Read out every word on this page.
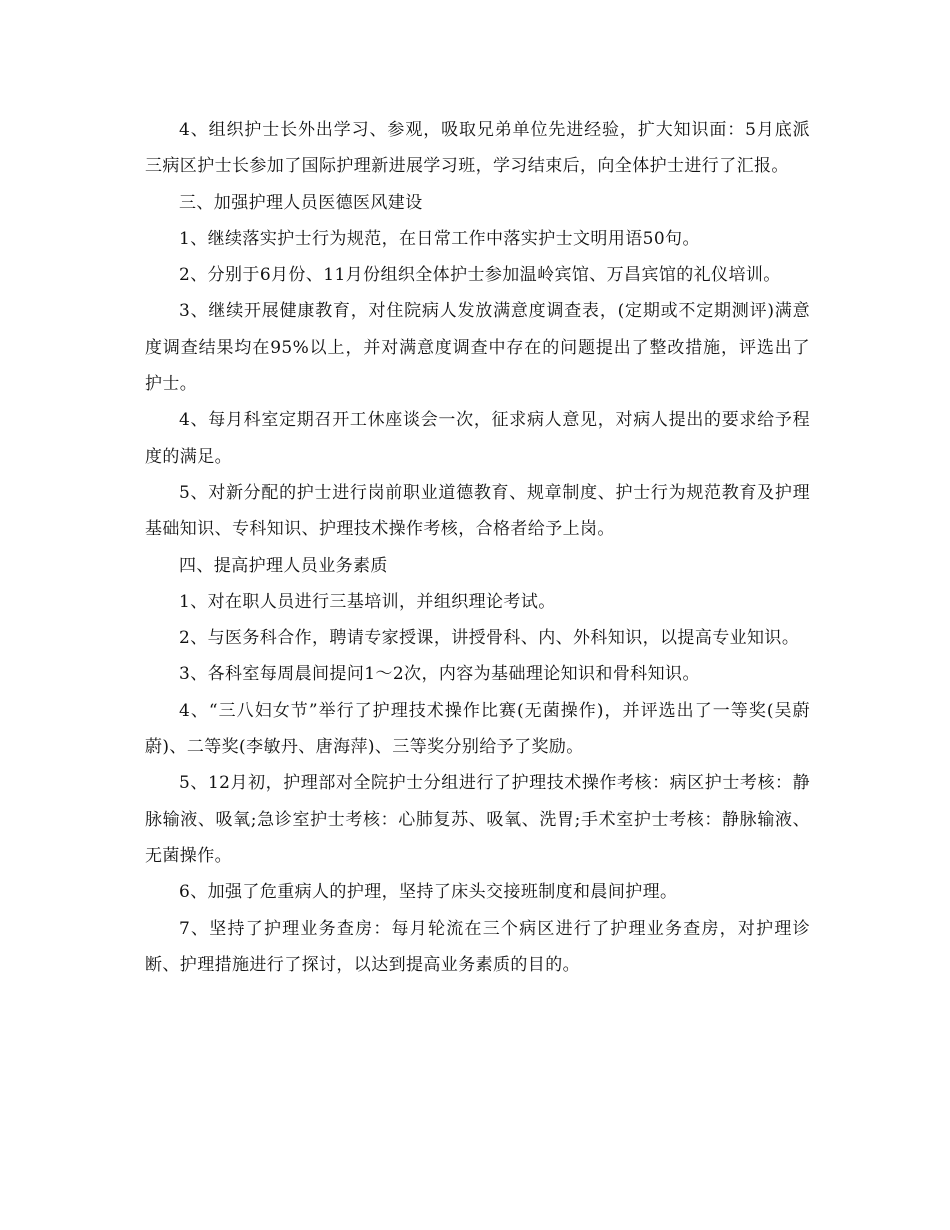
4、组织护士长外出学习、参观，吸取兄弟单位先进经验，扩大知识面：5月底派三病区护士长参加了国际护理新进展学习班，学习结束后，向全体护士进行了汇报。

三、加强护理人员医德医风建设

1、继续落实护士行为规范，在日常工作中落实护士文明用语50句。

2、分别于6月份、11月份组织全体护士参加温岭宾馆、万昌宾馆的礼仪培训。

3、继续开展健康教育，对住院病人发放满意度调查表，(定期或不定期测评)满意度调查结果均在95%以上，并对满意度调查中存在的问题提出了整改措施，评选出了护士。

4、每月科室定期召开工休座谈会一次，征求病人意见，对病人提出的要求给予程度的满足。

5、对新分配的护士进行岗前职业道德教育、规章制度、护士行为规范教育及护理基础知识、专科知识、护理技术操作考核，合格者给予上岗。

四、提高护理人员业务素质

1、对在职人员进行三基培训，并组织理论考试。

2、与医务科合作，聘请专家授课，讲授骨科、内、外科知识，以提高专业知识。

3、各科室每周晨间提问1～2次，内容为基础理论知识和骨科知识。

4、“三八妇女节”举行了护理技术操作比赛(无菌操作)，并评选出了一等奖(吴蔚蔚)、二等奖(李敏丹、唐海萍)、三等奖分别给予了奖励。

5、12月初，护理部对全院护士分组进行了护理技术操作考核：病区护士考核：静脉输液、吸氧;急诊室护士考核：心肺复苏、吸氧、洗胃;手术室护士考核：静脉输液、无菌操作。

6、加强了危重病人的护理，坚持了床头交接班制度和晨间护理。

7、坚持了护理业务查房：每月轮流在三个病区进行了护理业务查房，对护理诊断、护理措施进行了探讨，以达到提高业务素质的目的。
